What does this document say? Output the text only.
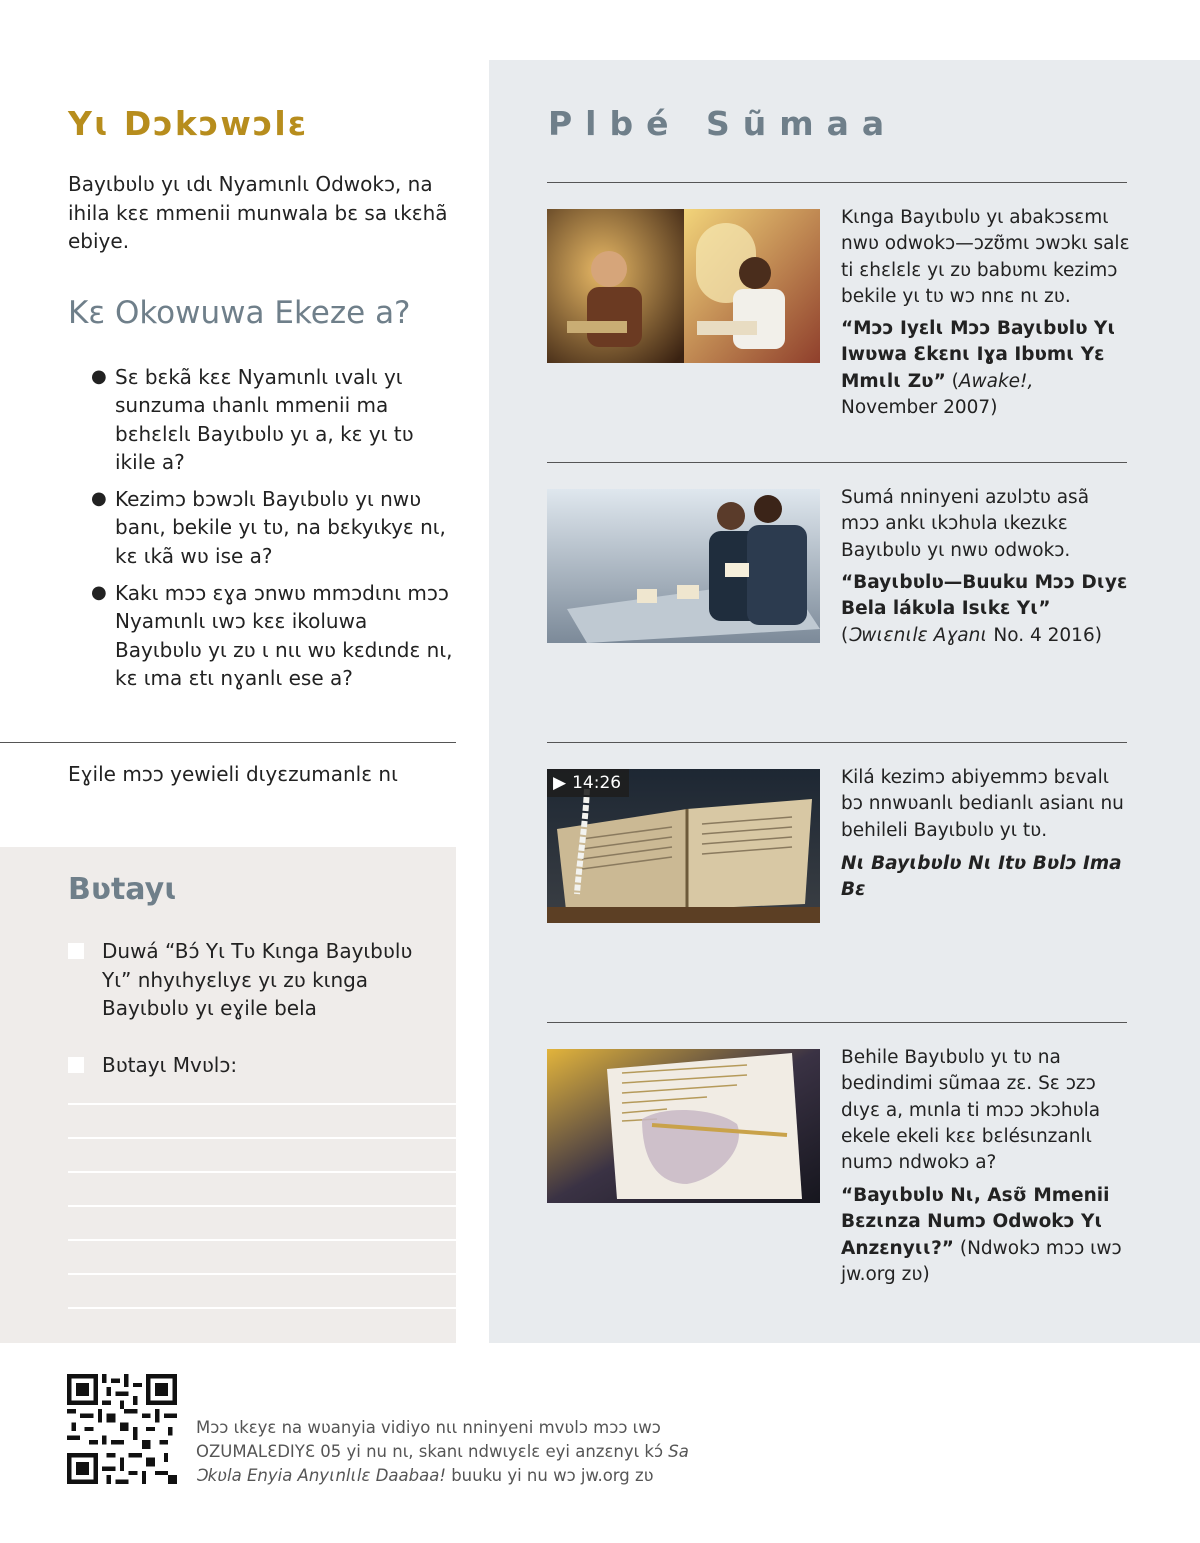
Yɩ Dɔkɔwɔlɛ

Bayɩbʋlʋ yɩ ɩdɩ Nyamɩnlɩ Odwokɔ, na ihila kɛɛ mmenii munwala bɛ sa ɩkɛhã ebiye.

Kɛ Okowuwa Ekeze a?
● Sɛ bɛkã kɛɛ Nyamɩnlɩ ɩvalɩ yɩ sunzuma ɩhanlɩ mmenii ma bɛhɛlɛlɩ Bayɩbʋlʋ yɩ a, kɛ yɩ tʋ ikile a?
● Kezimɔ bɔwɔlɩ Bayɩbʋlʋ yɩ nwʋ banɩ, bekile yɩ tʋ, na bɛkyɩkyɛ nɩ, kɛ ɩkã wʋ ise a?
● Kakɩ mɔɔ ɛɣa ɔnwʋ mmɔdɩnɩ mɔɔ Nyamɩnlɩ ɩwɔ kɛɛ ikoluwa Bayɩbʋlʋ yɩ zʋ ɩ nɩɩ wʋ kɛdɩndɛ nɩ, kɛ ɩma ɛtɩ nɣanlɩ ese a?

Eɣile mɔɔ yewieli dɩyɛzumanlɛ nɩ

Bʋtayɩ
Duwá “Bɔ́ Yɩ Tʋ Kɩnga Bayɩbʋlʋ Yɩ” nhyɩhyɛlɩyɛ yɩ zʋ kɩnga Bayɩbʋlʋ yɩ eɣile bela
Bʋtayɩ Mvʋlɔ:
Plbé Sũmaa

Kɩnga Bayɩbʋlʋ yɩ abakɔsɛmɩ nwʋ odwokɔ—ɔzʊ̃mɩ ɔwɔkɩ salɛ ti ɛhɛlɛlɛ yɩ zʋ babʋmɩ kezimɔ bekile yɩ tʋ wɔ nnɛ nɩ zʋ.

“Mɔɔ Iyɛlɩ Mɔɔ Bayɩbʋlʋ Yɩ Iwʋwa Ɛkɛnɩ Iɣa Ibʋmɩ Yɛ Mmɩlɩ Zʋ” (Awake!, November 2007)

Sumá nninyeni azʋlɔtʋ asã mɔɔ ankɩ ɩkɔhʋla ɩkezɩkɛ Bayɩbʋlʋ yɩ nwʋ odwokɔ.

“Bayɩbʋlʋ—Buuku Mɔɔ Dɩyɛ Bela lákʋla Isɩkɛ Yɩ” (Ɔwɩɛnɩlɛ Aɣanɩ No. 4 2016)

▶ 14:26	Kilá kezimɔ abiyemmɔ bɛvalɩ bɔ nnwʋanlɩ bedianlɩ asianɩ nu behileli Bayɩbʋlʋ yɩ tʋ.

Nɩ Bayɩbʋlʋ Nɩ Itʋ Bʋlɔ Ima Bɛ

Behile Bayɩbʋlʋ yɩ tʋ na bedindimi sũmaa zɛ. Sɛ ɔzɔ dɩyɛ a, mɩnla ti mɔɔ ɔkɔhʋla ekele ekeli kɛɛ bɛlésɩnzanlɩ numɔ ndwokɔ a?

“Bayɩbʋlʋ Nɩ, Asʊ̃ Mmenii Bɛzɩnza Numɔ Odwokɔ Yɩ Anzɛnyɩɩ?” (Ndwokɔ mɔɔ ɩwɔ jw.org zʋ)

Mɔɔ ɩkɛyɛ na wʋanyia vidiyo nɩɩ nninyeni mvʋlɔ mɔɔ ɩwɔ OZUMALƐDIYƐ 05 yi nu nɩ, skanɩ ndwɩyɛlɛ eyi anzɛnyɩ kɔ́ Sa Ɔkʋla Enyia Anyɩnlɩlɛ Daabaa! buuku yi nu wɔ jw.org zʋ
